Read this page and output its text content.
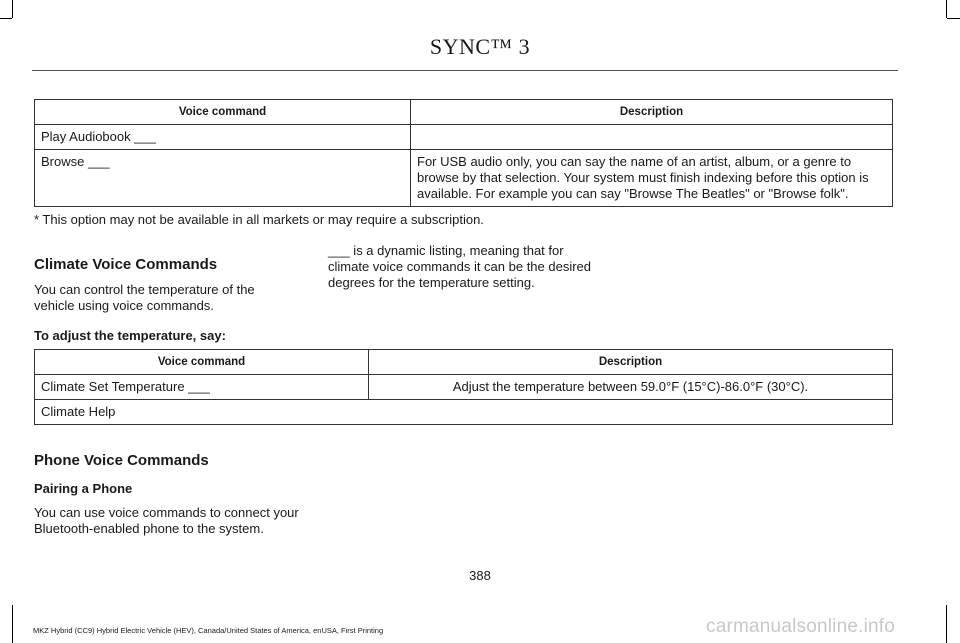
SYNC™ 3
Voice command	Description
Play Audiobook ___	
Browse ___	For USB audio only, you can say the name of an artist, album, or a genre to browse by that selection. Your system must finish indexing before this option is available. For example you can say "Browse The Beatles" or "Browse folk".
* This option may not be available in all markets or may require a subscription.
Climate Voice Commands
You can control the temperature of the vehicle using voice commands.
___ is a dynamic listing, meaning that for climate voice commands it can be the desired degrees for the temperature setting.
To adjust the temperature, say:
Voice command	Description
Climate Set Temperature ___	Adjust the temperature between 59.0°F (15°C)-86.0°F (30°C).
Climate Help	
Phone Voice Commands
Pairing a Phone
You can use voice commands to connect your Bluetooth-enabled phone to the system.
388
MKZ Hybrid (CC9) Hybrid Electric Vehicle (HEV), Canada/United States of America, enUSA, First Printing	carmanualsonline.info
